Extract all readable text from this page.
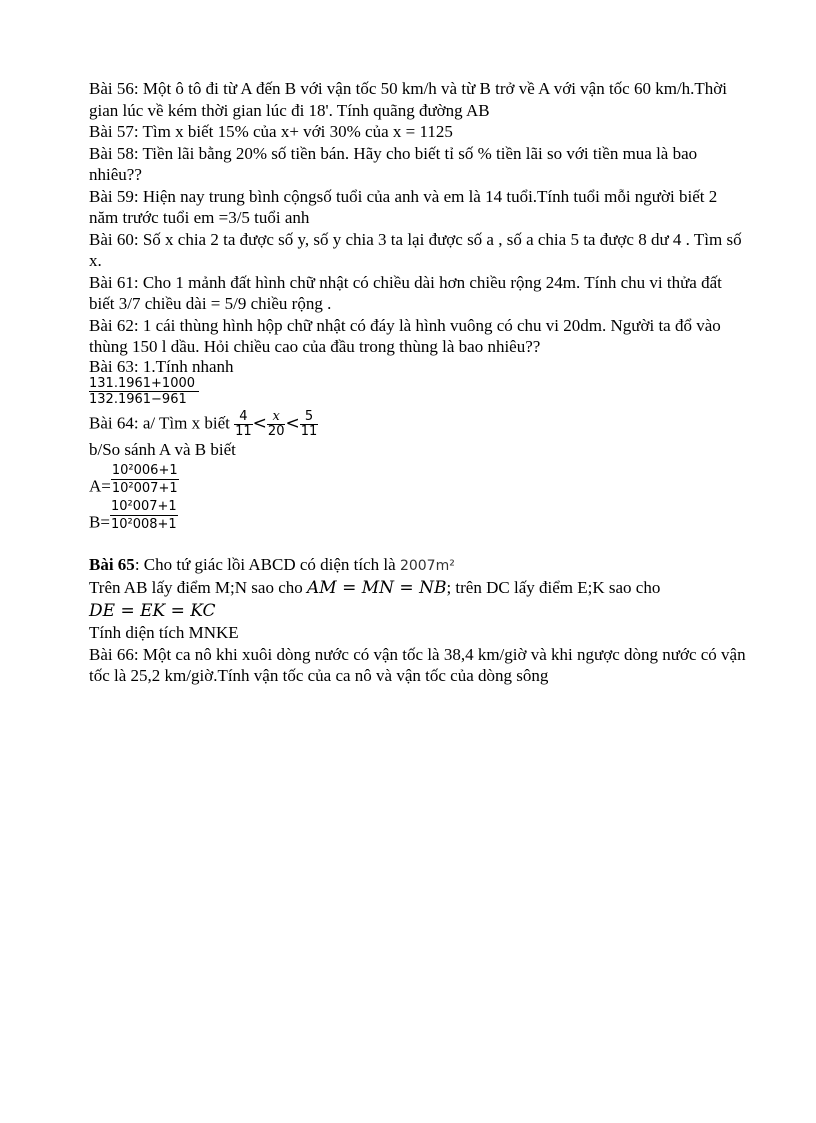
Bài 56: Một ô tô đi từ A đến B với vận tốc 50 km/h và từ B trở về A với vận tốc 60 km/h.Thời gian lúc về kém thời gian lúc đi 18'. Tính quãng đường AB

Bài 57: Tìm x biết 15% của x+ với 30% của x = 1125

Bài 58: Tiền lãi bằng 20% số tiền bán. Hãy cho biết tỉ số % tiền lãi so với tiền mua là bao nhiêu??

Bài 59: Hiện nay trung bình cộngsố tuổi của anh và em là 14 tuổi.Tính tuổi mỗi người biết 2 năm trước tuổi em =3/5 tuổi anh

Bài 60: Số x chia 2 ta được số y, số y chia 3 ta lại được số a , số a chia 5 ta được 8 dư 4 . Tìm số x.

Bài 61: Cho 1 mảnh đất hình chữ nhật có chiều dài hơn chiều rộng 24m. Tính chu vi thửa đất biết 3/7 chiều dài = 5/9 chiều rộng .

Bài 62: 1 cái thùng hình hộp chữ nhật có đáy là hình vuông có chu vi 20dm. Người ta đổ vào thùng 150 l dầu. Hỏi chiều cao của đầu trong thùng là bao nhiêu??

Bài 63: 1.Tính nhanh

$\frac{131.1961+1000}{132.1961-961}$

Bài 64: a/ Tìm x biết $\frac{4}{11} < \frac{x}{20} < \frac{5}{11}$

b/So sánh A và B biết

$A= \frac{\text{10²006+1}}{\text{10²007+1}}$
$B= \frac{\text{10²007+1}}{\text{10²008+1}}$

Bài 65: Cho tứ giác lồi ABCD có diện tích là 2007m²

Trên AB lấy điểm M;N sao cho AM = MN = NB; trên DC lấy điểm E;K sao cho

DE = EK = KC

Tính diện tích MNKE

Bài 66: Một ca nô khi xuôi dòng nước có vận tốc là 38,4 km/giờ và khi ngược dòng nước có vận tốc là 25,2 km/giờ.Tính vận tốc của ca nô và vận tốc của dòng sông
